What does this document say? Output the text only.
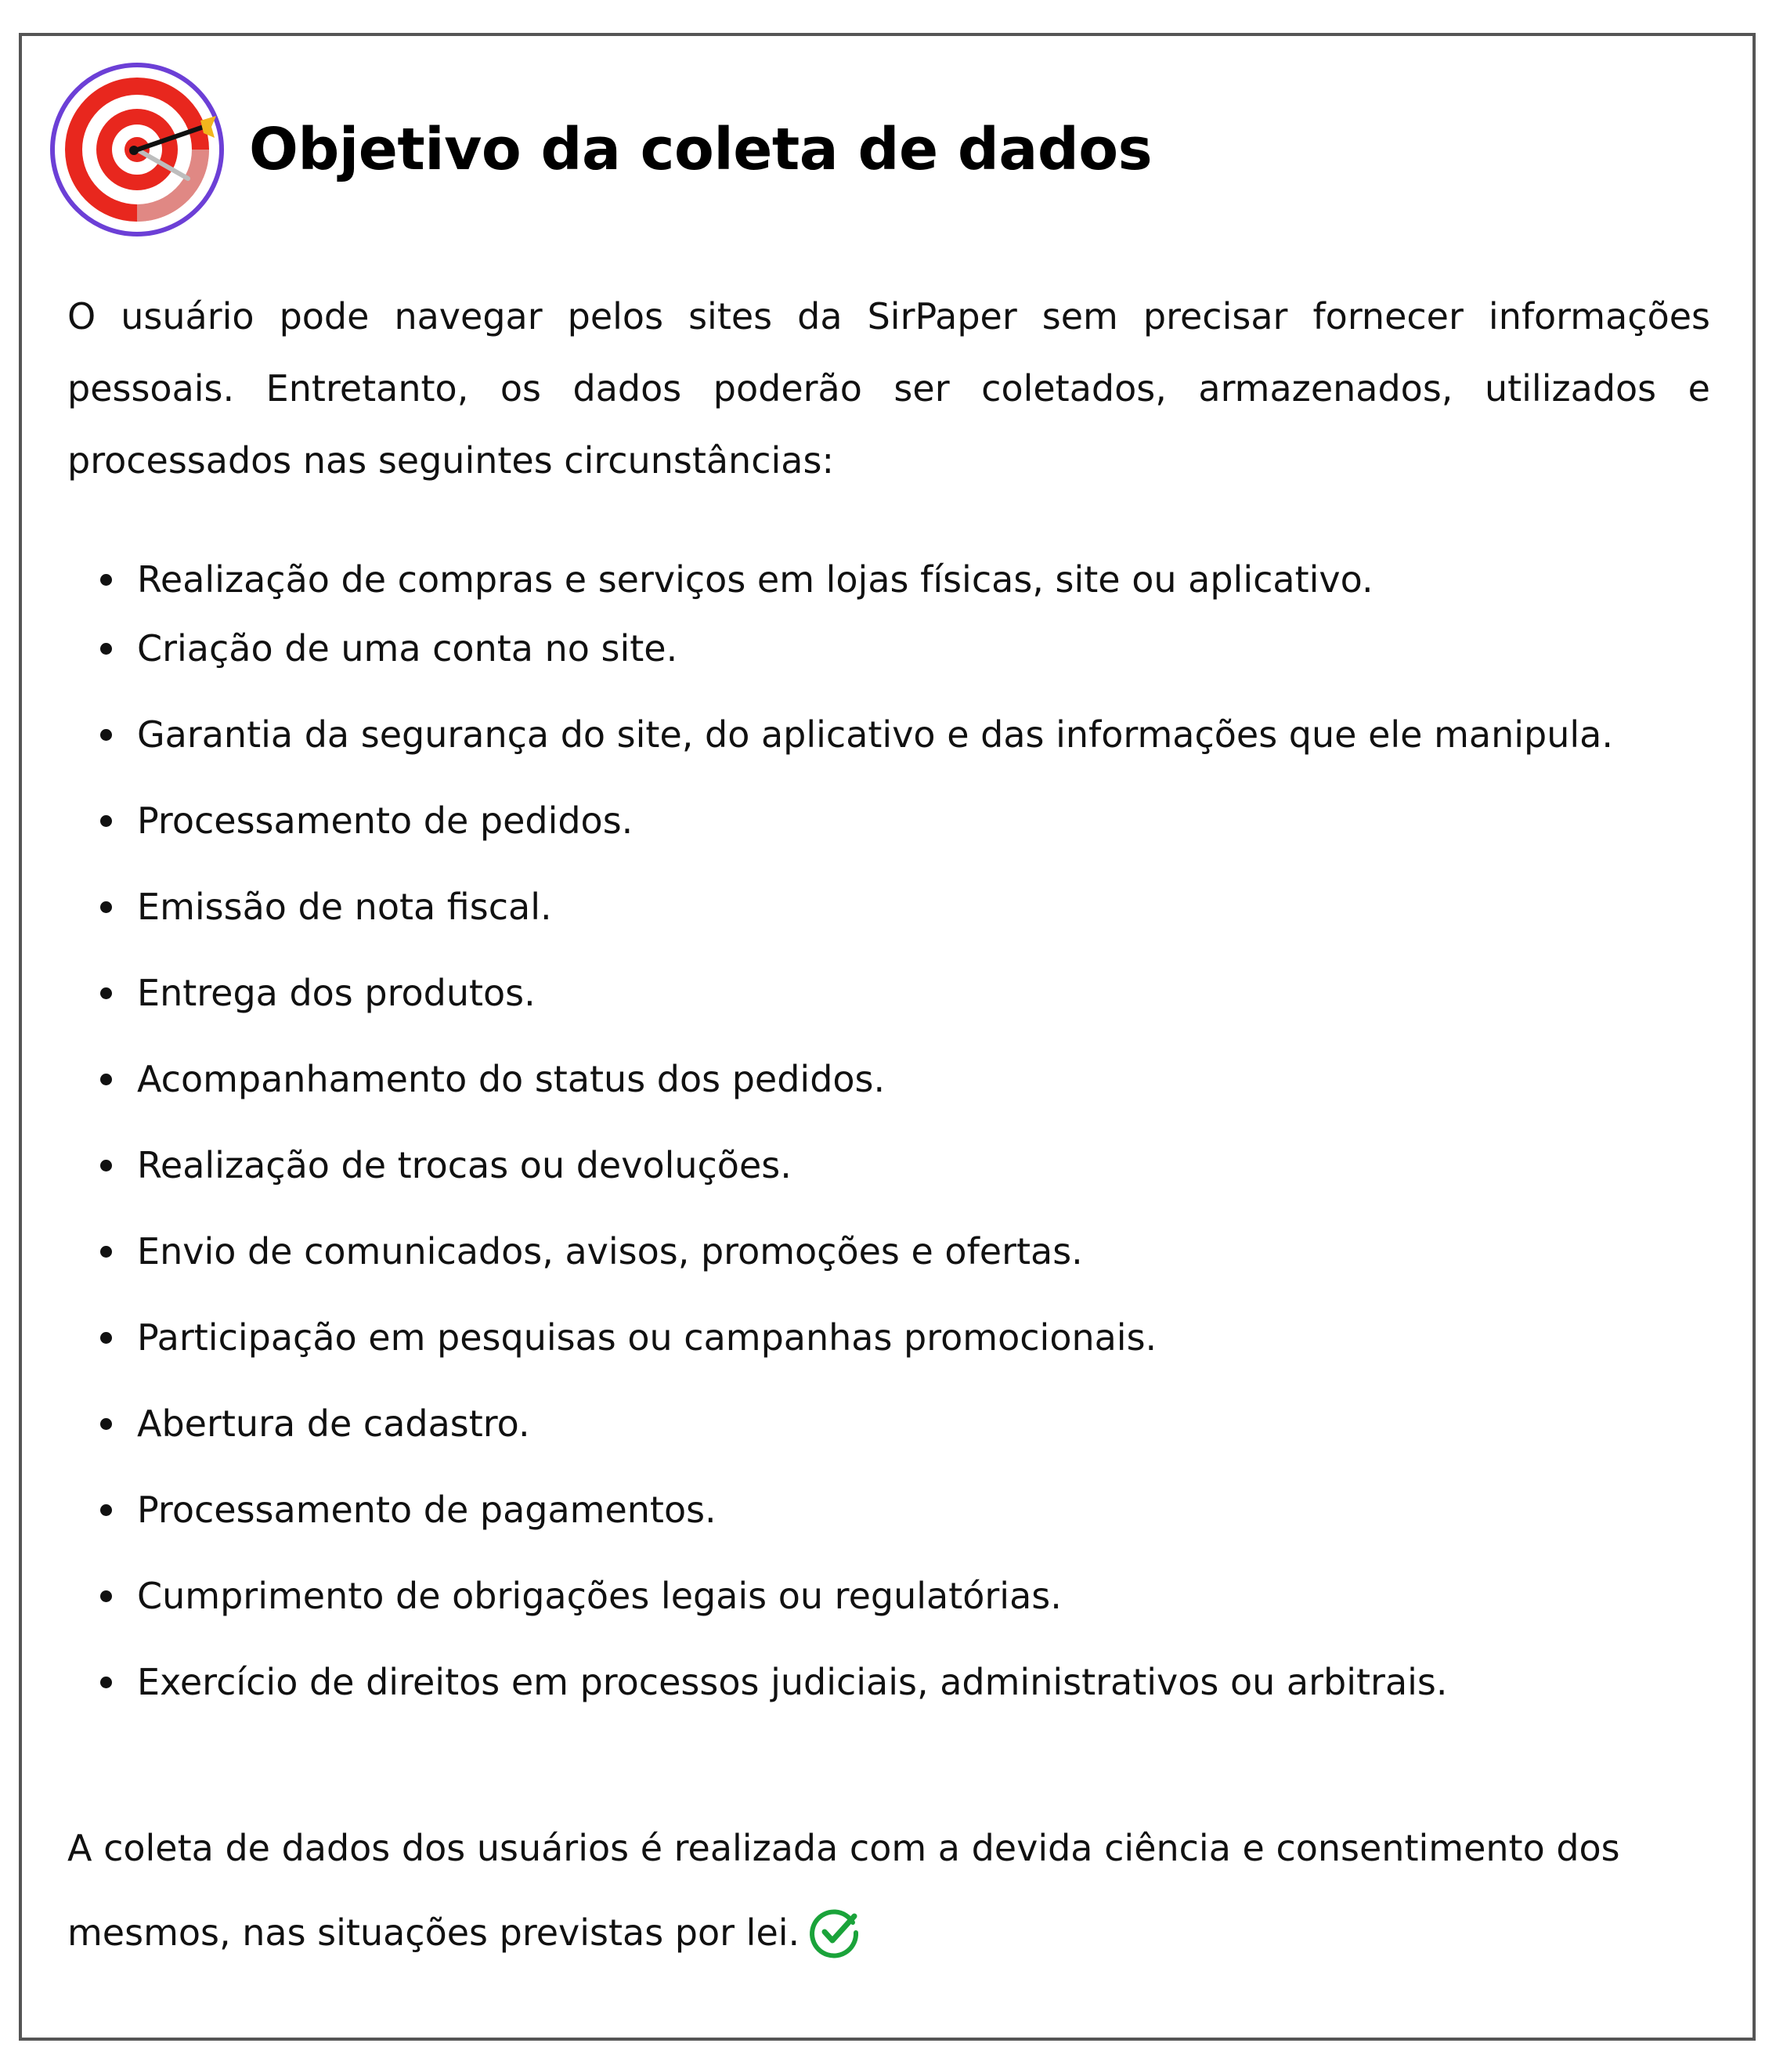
Objetivo da coleta de dados

O usuário pode navegar pelos sites da SirPaper sem precisar fornecer informações pessoais. Entretanto, os dados poderão ser coletados, armazenados, utilizados e processados nas seguintes circunstâncias:

Realização de compras e serviços em lojas físicas, site ou aplicativo.
Criação de uma conta no site.
Garantia da segurança do site, do aplicativo e das informações que ele manipula.
Processamento de pedidos.
Emissão de nota fiscal.
Entrega dos produtos.
Acompanhamento do status dos pedidos.
Realização de trocas ou devoluções.
Envio de comunicados, avisos, promoções e ofertas.
Participação em pesquisas ou campanhas promocionais.
Abertura de cadastro.
Processamento de pagamentos.
Cumprimento de obrigações legais ou regulatórias.
Exercício de direitos em processos judiciais, administrativos ou arbitrais.

A coleta de dados dos usuários é realizada com a devida ciência e consentimento dos

mesmos, nas situações previstas por lei.
